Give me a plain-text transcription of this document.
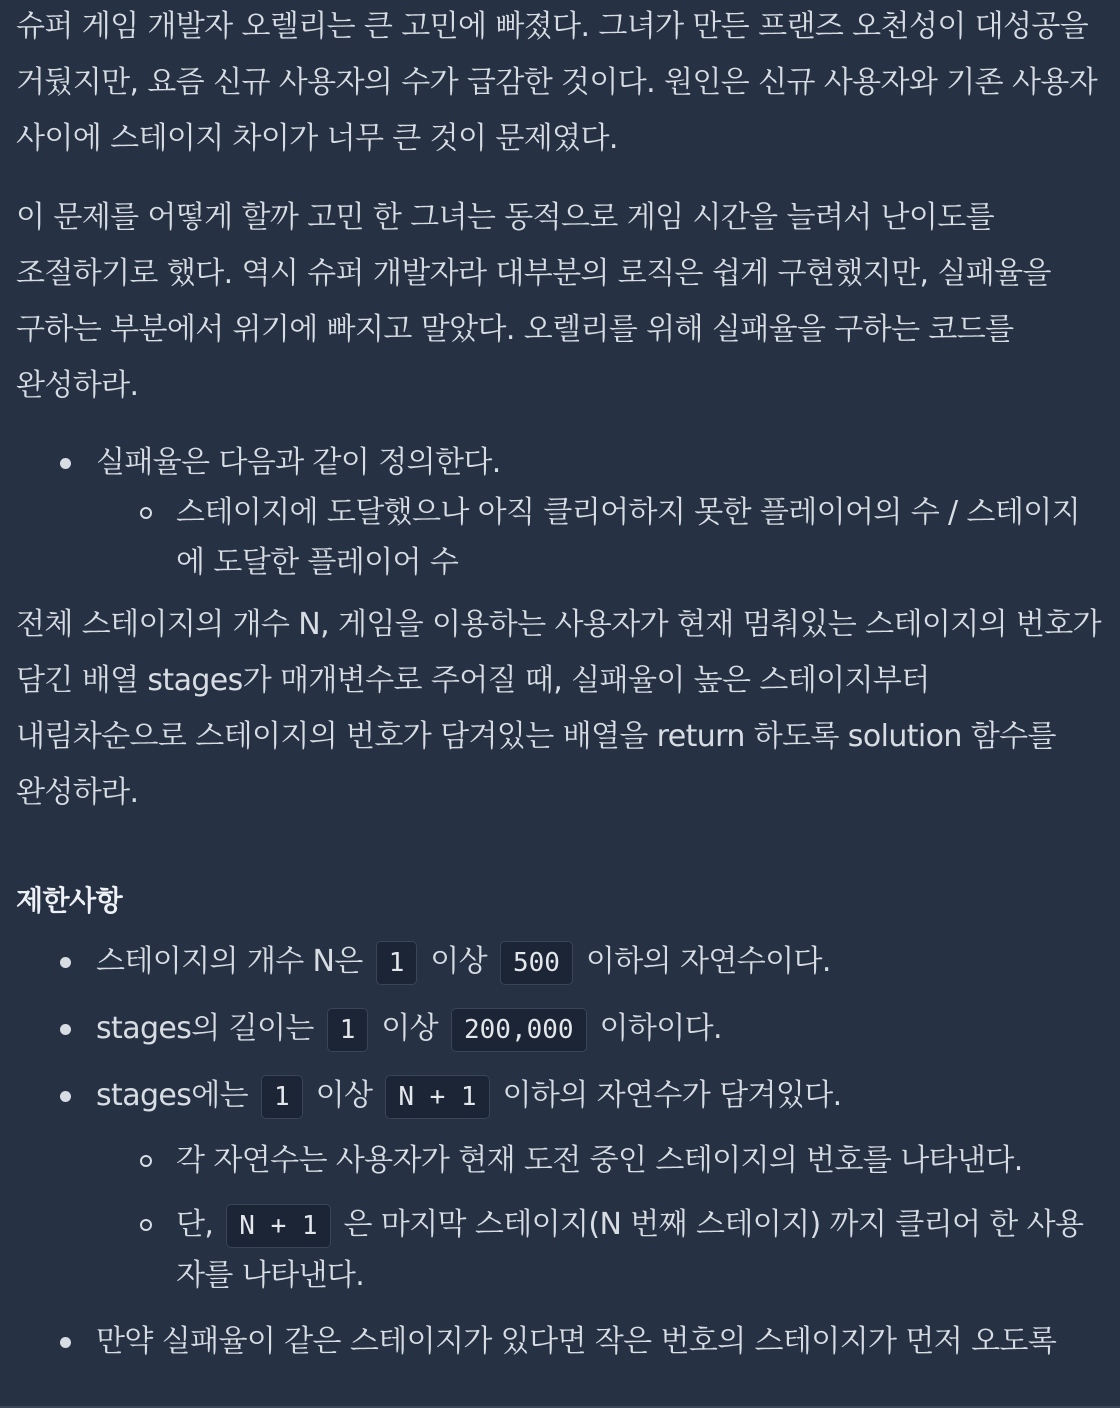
슈퍼 게임 개발자 오렐리는 큰 고민에 빠졌다. 그녀가 만든 프랜즈 오천성이 대성공을 거뒀지만, 요즘 신규 사용자의 수가 급감한 것이다. 원인은 신규 사용자와 기존 사용자 사이에 스테이지 차이가 너무 큰 것이 문제였다.

이 문제를 어떻게 할까 고민 한 그녀는 동적으로 게임 시간을 늘려서 난이도를 조절하기로 했다. 역시 슈퍼 개발자라 대부분의 로직은 쉽게 구현했지만, 실패율을 구하는 부분에서 위기에 빠지고 말았다. 오렐리를 위해 실패율을 구하는 코드를 완성하라.

실패율은 다음과 같이 정의한다.
스테이지에 도달했으나 아직 클리어하지 못한 플레이어의 수 / 스테이지에 도달한 플레이어 수

전체 스테이지의 개수 N, 게임을 이용하는 사용자가 현재 멈춰있는 스테이지의 번호가 담긴 배열 stages가 매개변수로 주어질 때, 실패율이 높은 스테이지부터 내림차순으로 스테이지의 번호가 담겨있는 배열을 return 하도록 solution 함수를 완성하라.

제한사항
스테이지의 개수 N은 1 이상 500 이하의 자연수이다.
stages의 길이는 1 이상 200,000 이하이다.
stages에는 1 이상 N + 1 이하의 자연수가 담겨있다.
각 자연수는 사용자가 현재 도전 중인 스테이지의 번호를 나타낸다.
단, N + 1 은 마지막 스테이지(N 번째 스테이지) 까지 클리어 한 사용자를 나타낸다.
만약 실패율이 같은 스테이지가 있다면 작은 번호의 스테이지가 먼저 오도록
